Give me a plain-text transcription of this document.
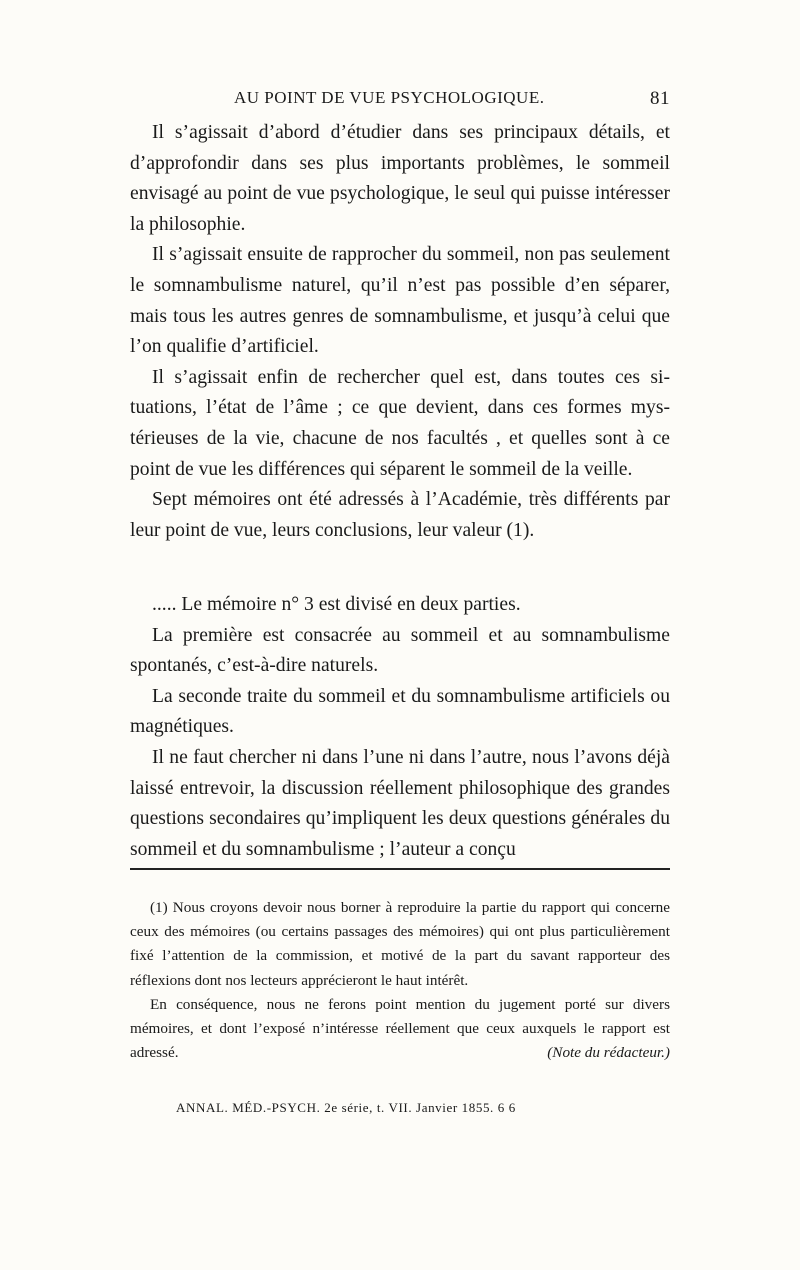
AU POINT DE VUE PSYCHOLOGIQUE.	81

Il s’agissait d’abord d’étudier dans ses principaux détails, et d’approfondir dans ses plus importants problèmes, le sommeil envisagé au point de vue psychologique, le seul qui puisse intéresser la philosophie.

Il s’agissait ensuite de rapprocher du sommeil, non pas seulement le somnambulisme naturel, qu’il n’est pas possible d’en séparer, mais tous les autres genres de somnambulisme, et jusqu’à celui que l’on qualifie d’artificiel.

Il s’agissait enfin de rechercher quel est, dans toutes ces situations, l’état de l’âme ; ce que devient, dans ces formes mystérieuses de la vie, chacune de nos facultés , et quelles sont à ce point de vue les différences qui séparent le sommeil de la veille.

Sept mémoires ont été adressés à l’Académie, très différents par leur point de vue, leurs conclusions, leur valeur (1).

..... Le mémoire n° 3 est divisé en deux parties.

La première est consacrée au sommeil et au somnambulisme spontanés, c’est-à-dire naturels.

La seconde traite du sommeil et du somnambulisme artificiels ou magnétiques.

Il ne faut chercher ni dans l’une ni dans l’autre, nous l’avons déjà laissé entrevoir, la discussion réellement philosophique des grandes questions secondaires qu’impliquent les deux questions générales du sommeil et du somnambulisme ; l’auteur a conçu

(1) Nous croyons devoir nous borner à reproduire la partie du rapport qui concerne ceux des mémoires (ou certains passages des mémoires) qui ont plus particulièrement fixé l’attention de la commission, et motivé de la part du savant rapporteur des réflexions dont nos lecteurs apprécieront le haut intérêt.

En conséquence, nous ne ferons point mention du jugement porté sur divers mémoires, et dont l’exposé n’intéresse réellement que ceux auxquels le rapport est adressé.	(Note du rédacteur.)

ANNAL. MÉD.-PSYCH. 2e série, t. VII. Janvier 1855. 6 6
